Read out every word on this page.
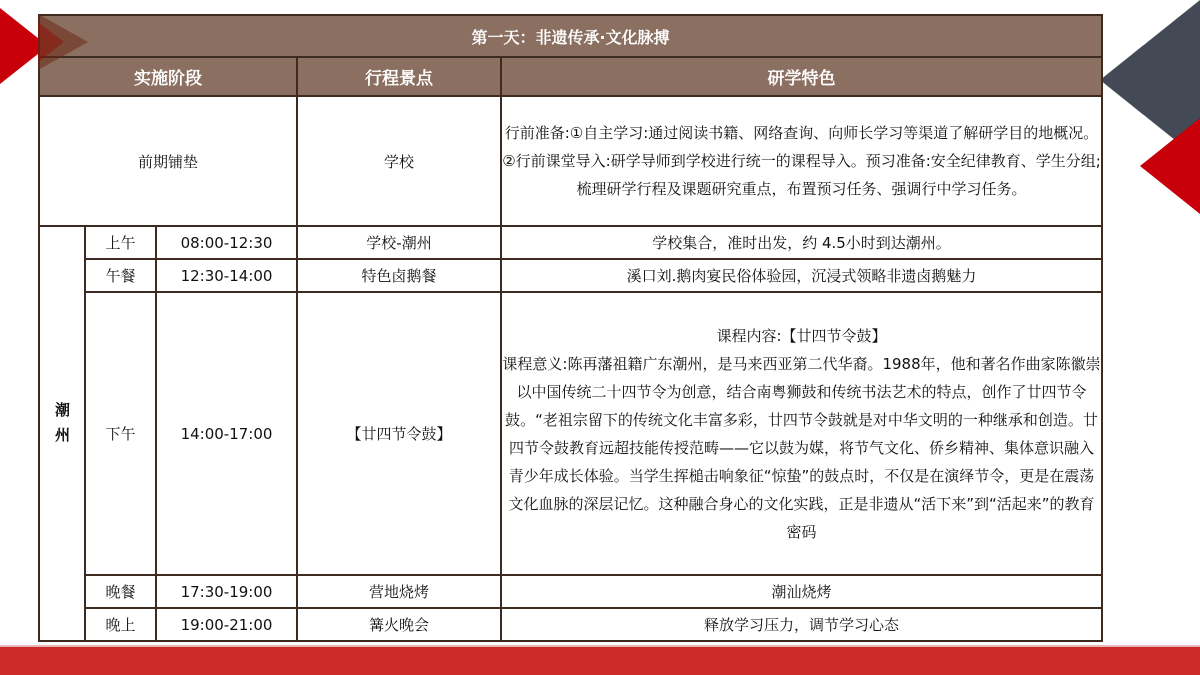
第一天：非遗传承·文化脉搏				
实施阶段			行程景点	研学特色
前期铺垫			学校	行前准备:①自主学习:通过阅读书籍、网络查询、向师长学习等渠道了解研学目的地概况。②行前课堂导入:研学导师到学校进行统一的课程导入。预习准备:安全纪律教育、学生分组;梳理研学行程及课题研究重点，布置预习任务、强调行中学习任务。
潮州	上午	08:00-12:30	学校-潮州	学校集合，准时出发，约 4.5小时到达潮州。
	午餐	12:30-14:00	特色卤鹅餐	溪口刘.鹅肉宴民俗体验园，沉浸式领略非遗卤鹅魅力
	下午	14:00-17:00	【廿四节令鼓】	课程内容:【廿四节令鼓】
课程意义:陈再藩祖籍广东潮州，是马来西亚第二代华裔。1988年，他和著名作曲家陈徽崇以中国传统二十四节令为创意，结合南粤狮鼓和传统书法艺术的特点，创作了廿四节令鼓。“老祖宗留下的传统文化丰富多彩，廿四节令鼓就是对中华文明的一种继承和创造。廿四节令鼓教育远超技能传授范畴——它以鼓为媒，将节气文化、侨乡精神、集体意识融入青少年成长体验。当学生挥槌击响象征“惊蛰”的鼓点时，不仅是在演绎节令，更是在震荡文化血脉的深层记忆。这种融合身心的文化实践，正是非遗从“活下来”到“活起来”的教育密码

	晚餐	17:30-19:00	营地烧烤	潮汕烧烤
	晚上	19:00-21:00	篝火晚会	释放学习压力，调节学习心态
